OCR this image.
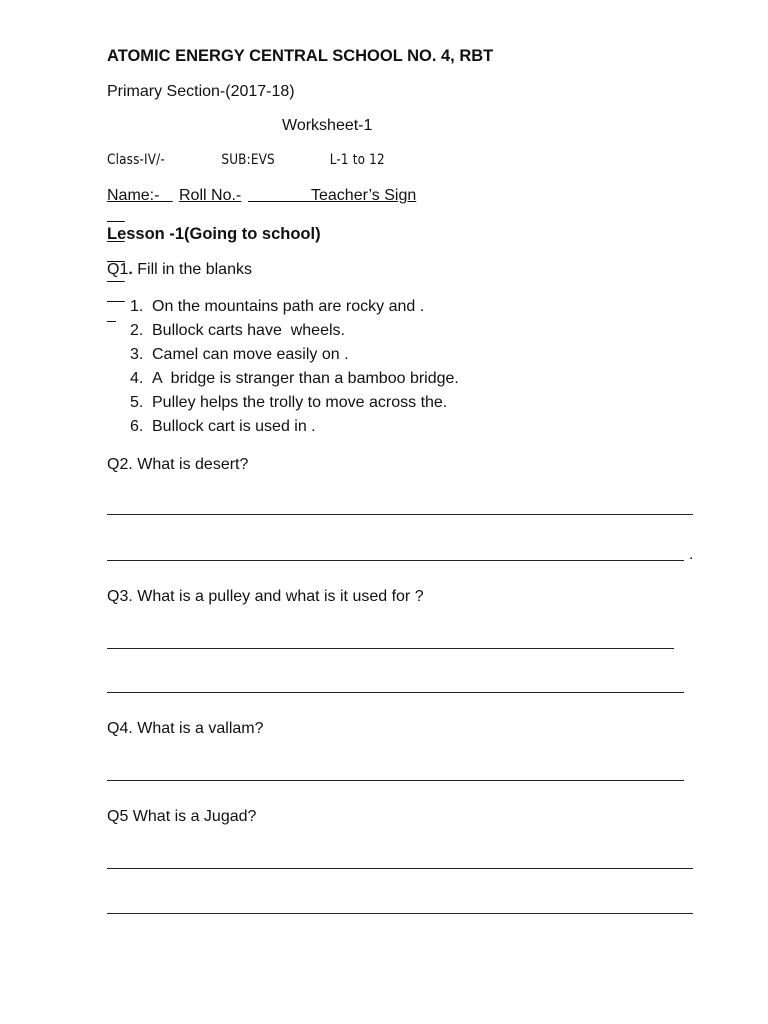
ATOMIC ENERGY CENTRAL SCHOOL NO. 4, RBT
Primary Section-(2017-18)
Worksheet-1

Class-IV/-

	SUB:EVS

	L-1 to 12

Name:-

Roll No.-

	Teacher’s Sign

Lesson -1(Going to school)
Q1. Fill in the blanks
1. On the mountains path are rocky and .
2. Bullock carts have  wheels.
3. Camel can move easily on .
4. A  bridge is stranger than a bamboo bridge.
5. Pulley helps the trolly to move across the.
6. Bullock cart is used in .
Q2. What is desert?
.
Q3. What is a pulley and what is it used for ?
Q4. What is a vallam?
Q5 What is a Jugad?
